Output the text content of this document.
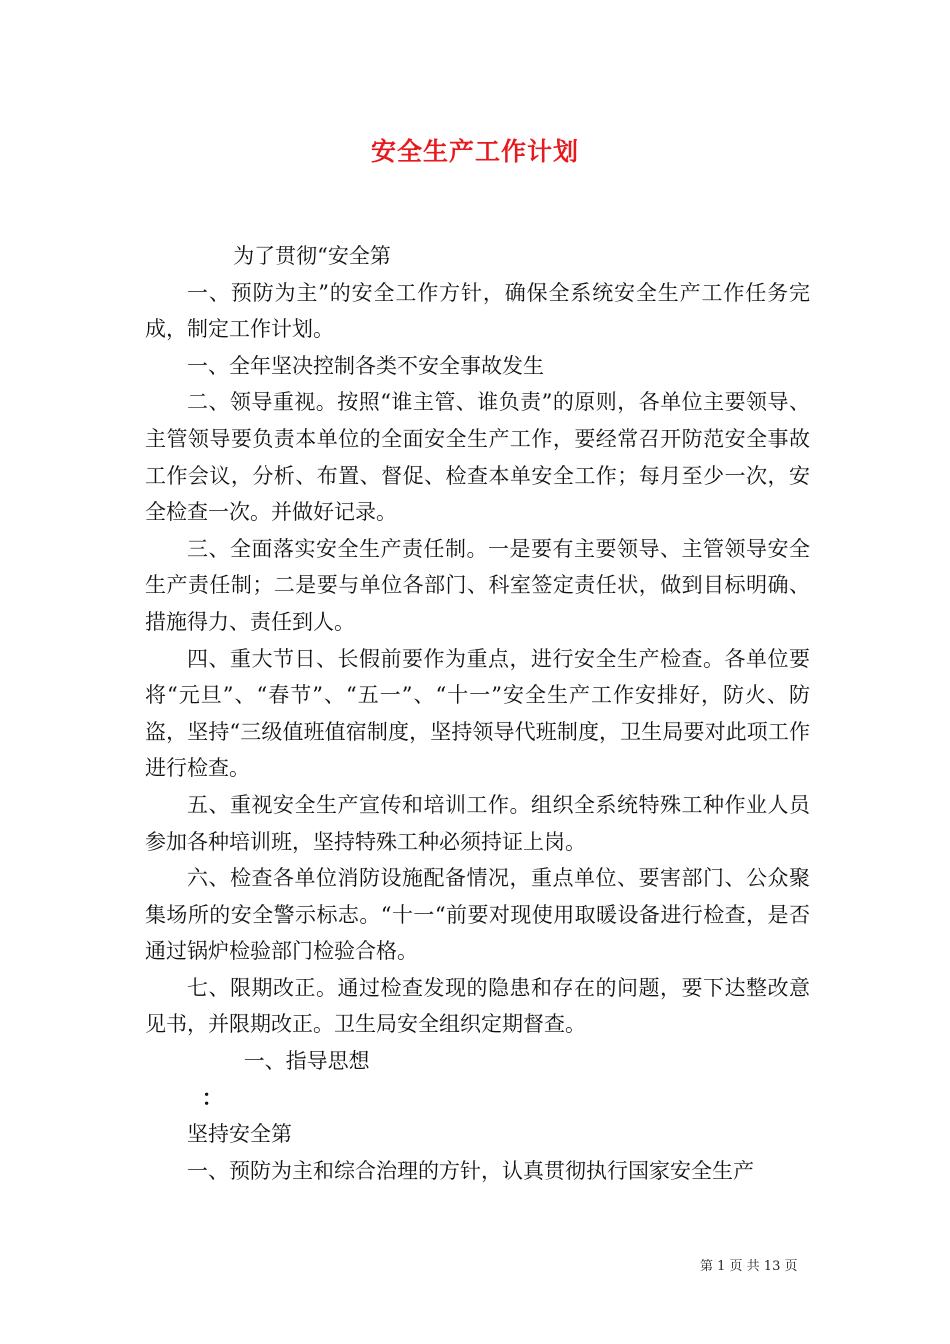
安全生产工作计划

为了贯彻“安全第

一、预防为主”的安全工作方针，确保全系统安全生产工作任务完成，制定工作计划。

一、全年坚决控制各类不安全事故发生

二、领导重视。按照“谁主管、谁负责”的原则，各单位主要领导、主管领导要负责本单位的全面安全生产工作，要经常召开防范安全事故工作会议，分析、布置、督促、检查本单安全工作；每月至少一次，安全检查一次。并做好记录。

三、全面落实安全生产责任制。一是要有主要领导、主管领导安全生产责任制；二是要与单位各部门、科室签定责任状，做到目标明确、措施得力、责任到人。

四、重大节日、长假前要作为重点，进行安全生产检查。各单位要将“元旦”、“春节”、“五一”、“十一”安全生产工作安排好，防火、防盗，坚持“三级值班值宿制度，坚持领导代班制度，卫生局要对此项工作进行检查。

五、重视安全生产宣传和培训工作。组织全系统特殊工种作业人员参加各种培训班，坚持特殊工种必须持证上岗。

六、检查各单位消防设施配备情况，重点单位、要害部门、公众聚集场所的安全警示标志。“十一“前要对现使用取暖设备进行检查，是否通过锅炉检验部门检验合格。

七、限期改正。通过检查发现的隐患和存在的问题，要下达整改意见书，并限期改正。卫生局安全组织定期督查。

一、指导思想

：

坚持安全第

一、预防为主和综合治理的方针，认真贯彻执行国家安全生产

第 1 页 共 13 页
